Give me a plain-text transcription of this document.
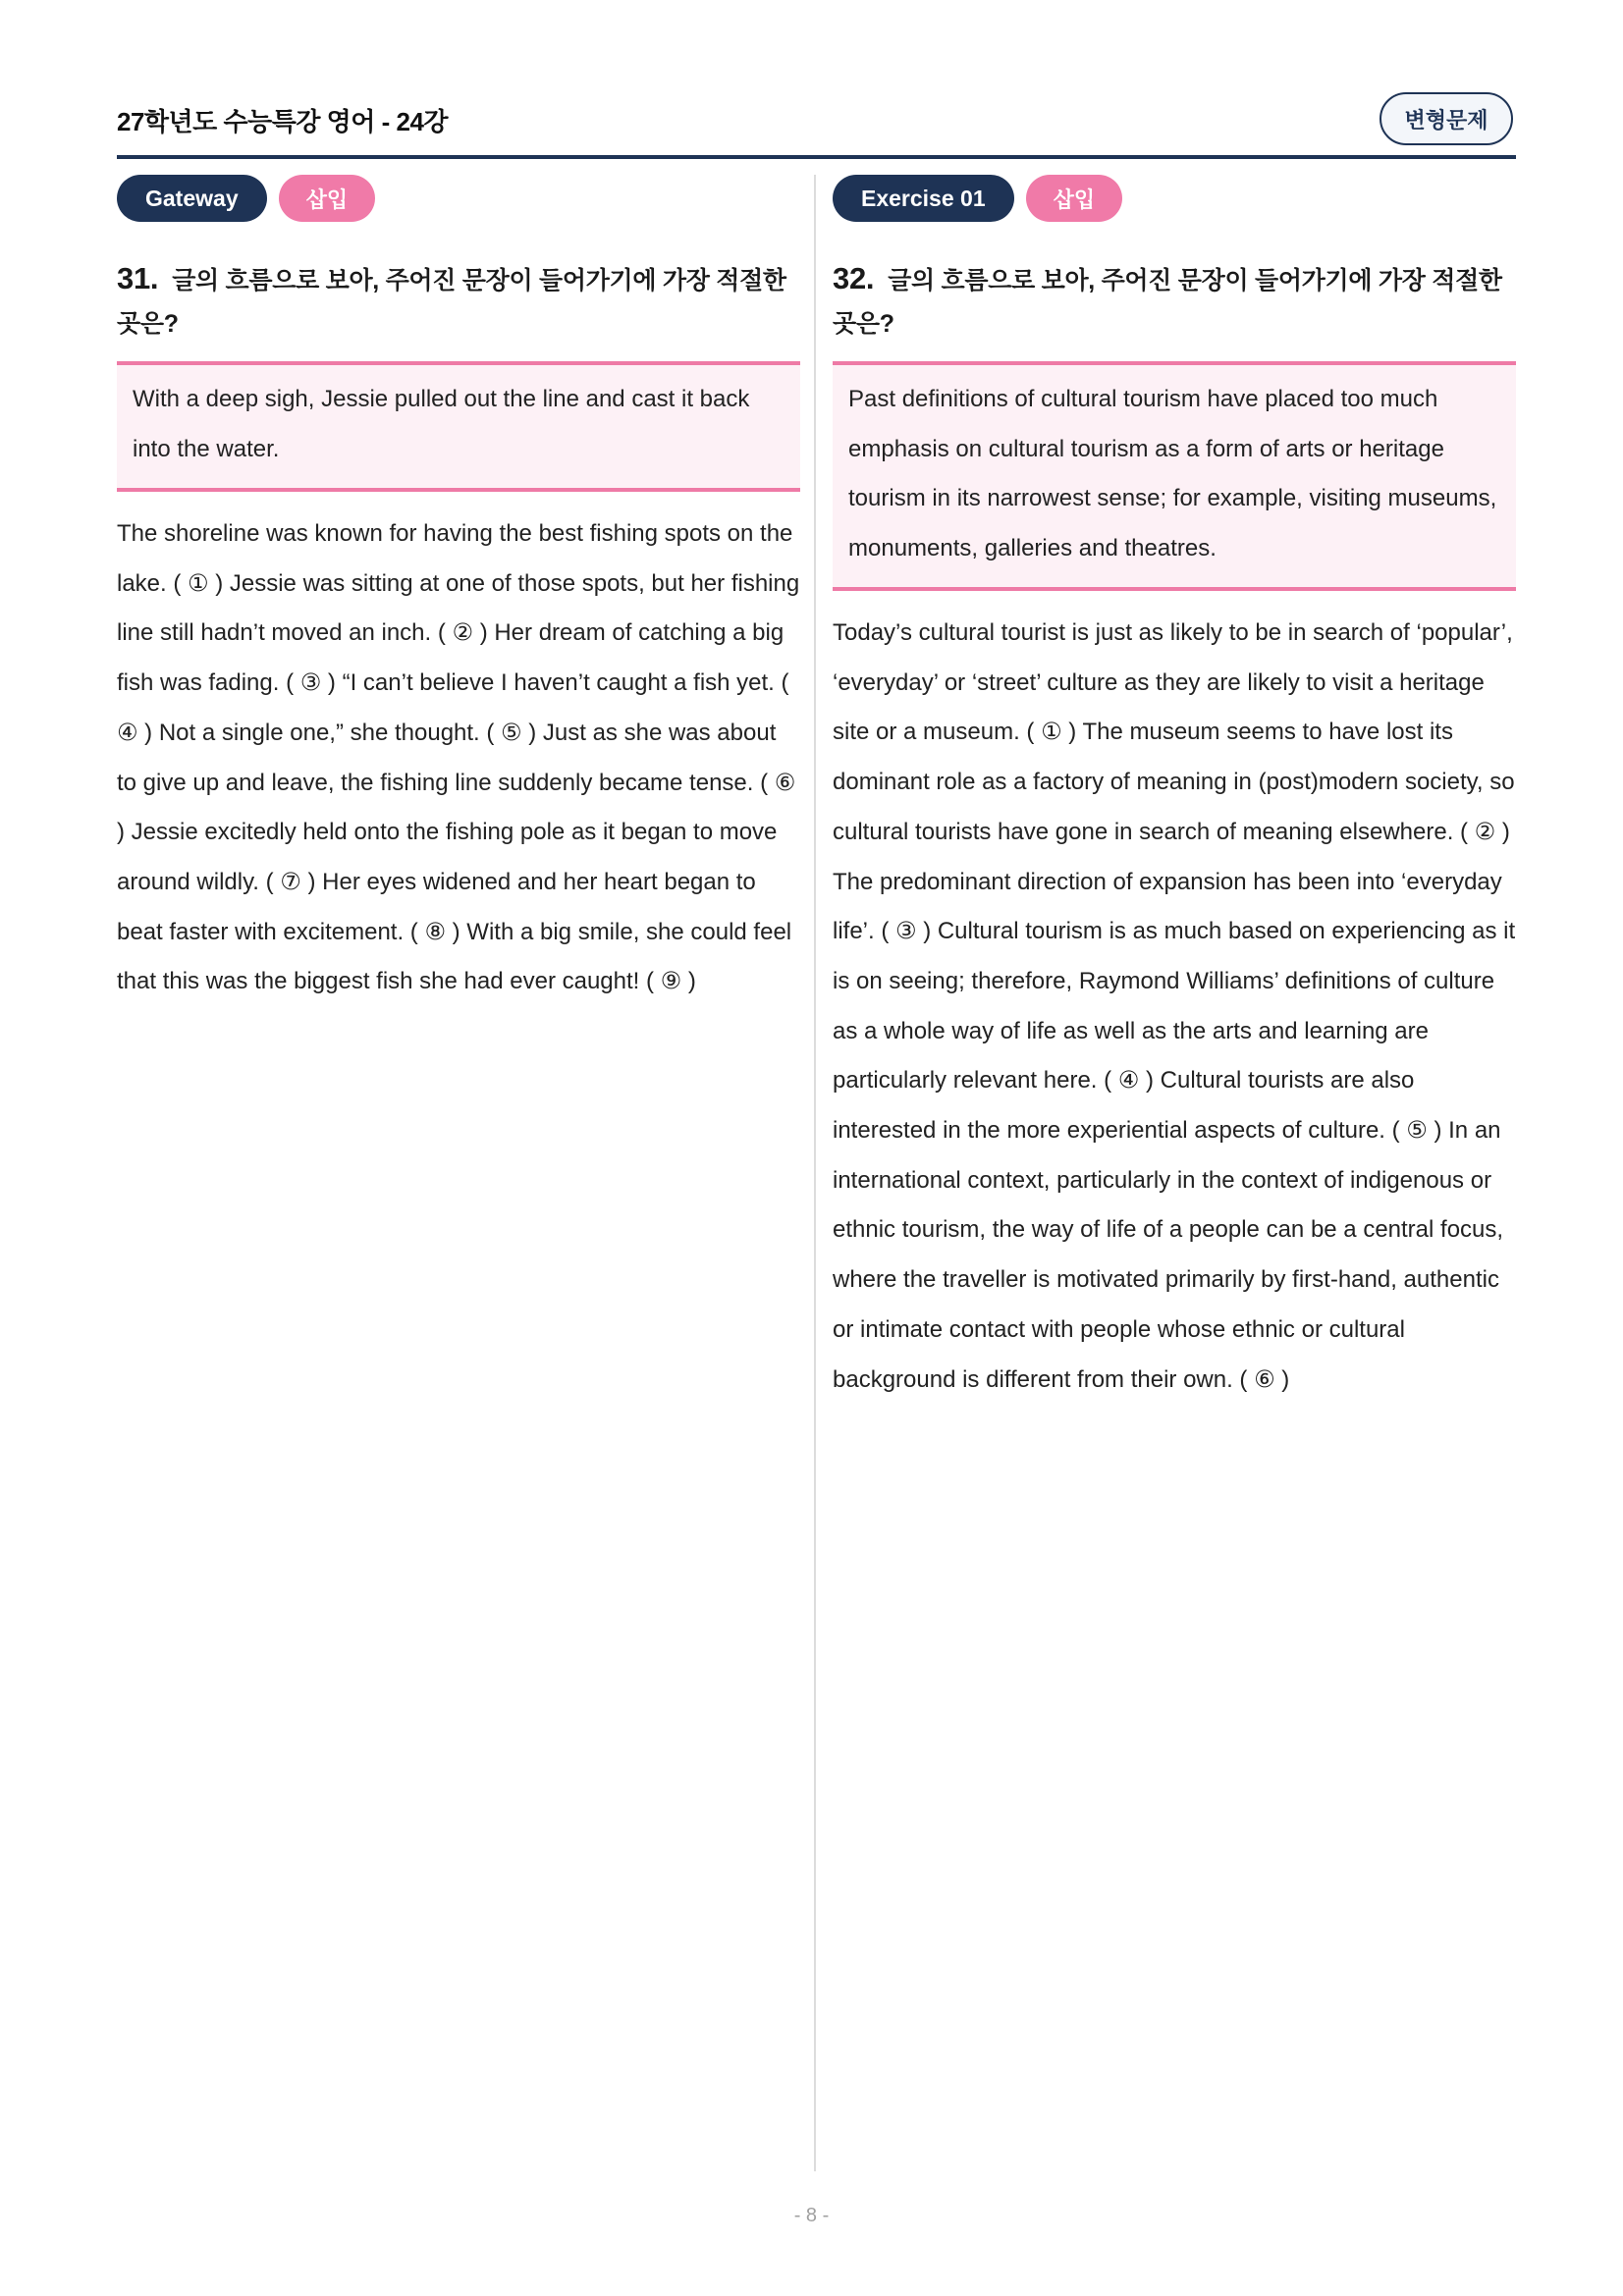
27학년도 수능특강 영어 - 24강	변형문제
Gateway	삽입
31. 글의 흐름으로 보아, 주어진 문장이 들어가기에 가장 적절한 곳은?
With a deep sigh, Jessie pulled out the line and cast it back into the water.
The shoreline was known for having the best fishing spots on the lake. ( ① ) Jessie was sitting at one of those spots, but her fishing line still hadn’t moved an inch. ( ② ) Her dream of catching a big fish was fading. ( ③ ) “I can’t believe I haven’t caught a fish yet. ( ④ ) Not a single one,” she thought. ( ⑤ ) Just as she was about to give up and leave, the fishing line suddenly became tense. ( ⑥ ) Jessie excitedly held onto the fishing pole as it began to move around wildly. ( ⑦ ) Her eyes widened and her heart began to beat faster with excitement. ( ⑧ ) With a big smile, she could feel that this was the biggest fish she had ever caught! ( ⑨ )
Exercise 01	삽입
32. 글의 흐름으로 보아, 주어진 문장이 들어가기에 가장 적절한 곳은?
Past definitions of cultural tourism have placed too much emphasis on cultural tourism as a form of arts or heritage tourism in its narrowest sense; for example, visiting museums, monuments, galleries and theatres.
Today’s cultural tourist is just as likely to be in search of ‘popular’, ‘everyday’ or ‘street’ culture as they are likely to visit a heritage site or a museum. ( ① ) The museum seems to have lost its dominant role as a factory of meaning in (post)modern society, so cultural tourists have gone in search of meaning elsewhere. ( ② ) The predominant direction of expansion has been into ‘everyday life’. ( ③ ) Cultural tourism is as much based on experiencing as it is on seeing; therefore, Raymond Williams’ definitions of culture as a whole way of life as well as the arts and learning are particularly relevant here. ( ④ ) Cultural tourists are also interested in the more experiential aspects of culture. ( ⑤ ) In an international context, particularly in the context of indigenous or ethnic tourism, the way of life of a people can be a central focus, where the traveller is motivated primarily by first-hand, authentic or intimate contact with people whose ethnic or cultural background is different from their own. ( ⑥ )
- 8 -
